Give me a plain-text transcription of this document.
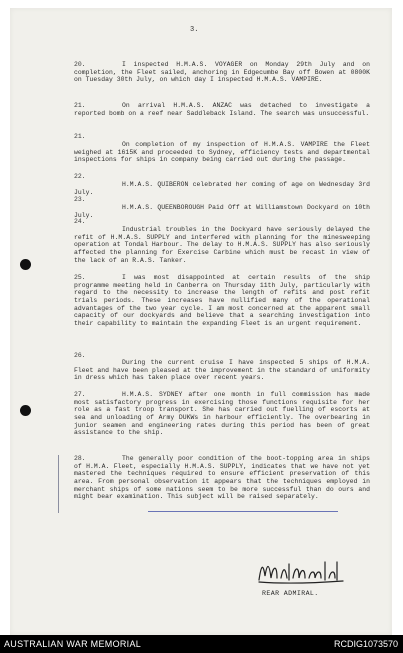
3.
20.	I inspected H.M.A.S. VOYAGER on Monday 29th July and on completion, the Fleet sailed, anchoring in Edgecumbe Bay off Bowen at 0800K on Tuesday 30th July, on which day I inspected H.M.A.S. VAMPIRE.
21.	On arrival H.M.A.S. ANZAC was detached to investigate a reported bomb on a reef near Saddleback Island. The search was unsuccessful.
21.
On completion of my inspection of H.M.A.S. VAMPIRE the Fleet weighed at 1615K and proceeded to Sydney, efficiency tests and departmental inspections for ships in company being carried out during the passage.
22.
H.M.A.S. QUIBERON celebrated her coming of age on Wednesday 3rd July.
23.
H.M.A.S. QUEENBOROUGH Paid Off at Williamstown Dockyard on 10th July.
24.
Industrial troubles in the Dockyard have seriously delayed the refit of H.M.A.S. SUPPLY and interfered with planning for the minesweeping operation at Tondal Harbour. The delay to H.M.A.S. SUPPLY has also seriously affected the planning for Exercise Carbine which must be recast in view of the lack of an R.A.S. Tanker.
25.	I was most disappointed at certain results of the ship programme meeting held in Canberra on Thursday 11th July, particularly with regard to the necessity to increase the length of refits and post refit trials periods. These increases have nullified many of the operational advantages of the two year cycle. I am most concerned at the apparent small capacity of our dockyards and believe that a searching investigation into their capability to maintain the expanding Fleet is an urgent requirement.
26.
During the current cruise I have inspected 5 ships of H.M.A. Fleet and have been pleased at the improvement in the standard of uniformity in dress which has taken place over recent years.
27.	H.M.A.S. SYDNEY after one month in full commission has made most satisfactory progress in exercising those functions requisite for her role as a fast troop transport. She has carried out fuelling of escorts at sea and unloading of Army DUKWs in harbour efficiently. The overbearing in junior seamen and engineering rates during this period has been of great assistance to the ship.
28.	The generally poor condition of the boot-topping area in ships of H.M.A. Fleet, especially H.M.A.S. SUPPLY, indicates that we have not yet mastered the techniques required to ensure efficient preservation of this area. From personal observation it appears that the techniques employed in merchant ships of some nations seem to be more successful than do ours and might bear examination. This subject will be raised separately.
REAR ADMIRAL.
AUSTRALIAN WAR MEMORIAL	RCDIG1073570
